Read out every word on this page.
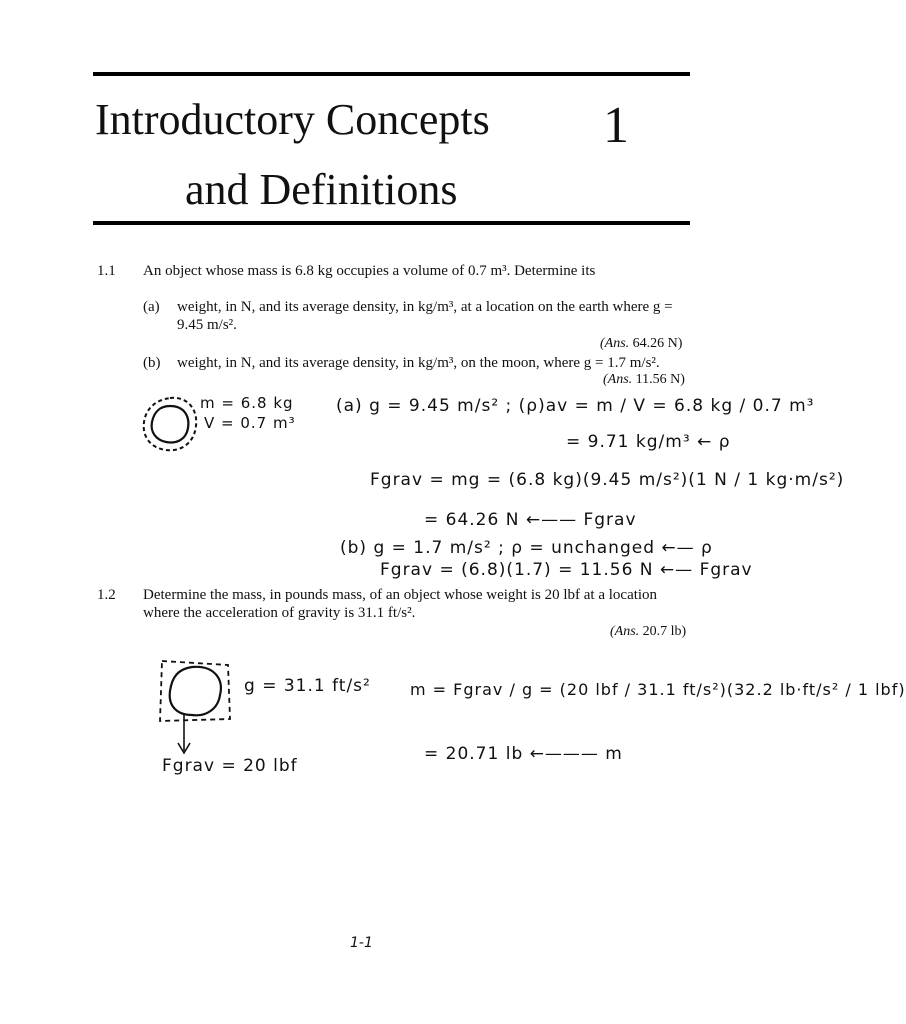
Introductory Concepts
and Definitions
1
1.1 An object whose mass is 6.8 kg occupies a volume of 0.7 m³. Determine its
(a) weight, in N, and its average density, in kg/m³, at a location on the earth where g = 9.45 m/s².
(Ans. 64.26 N)
(b) weight, in N, and its average density, in kg/m³, on the moon, where g = 1.7 m/s².
(Ans. 11.56 N)
m = 6.8 kg
V = 0.7 m³
(a) g = 9.45 m/s² ; (ρ)av = m / V = 6.8 kg / 0.7 m³
= 9.71 kg/m³ ← ρ
Fgrav = mg = (6.8 kg)(9.45 m/s²)(1 N / 1 kg·m/s²)
= 64.26 N ←—— Fgrav
(b) g = 1.7 m/s² ; ρ = unchanged ←— ρ
Fgrav = (6.8)(1.7) = 11.56 N ←— Fgrav
1.2 Determine the mass, in pounds mass, of an object whose weight is 20 lbf at a location where the acceleration of gravity is 31.1 ft/s².
(Ans. 20.7 lb)
g = 31.1 ft/s²
Fgrav = 20 lbf
m = Fgrav / g = (20 lbf / 31.1 ft/s²)(32.2 lb·ft/s² / 1 lbf)
= 20.71 lb ←——— m
1-1
